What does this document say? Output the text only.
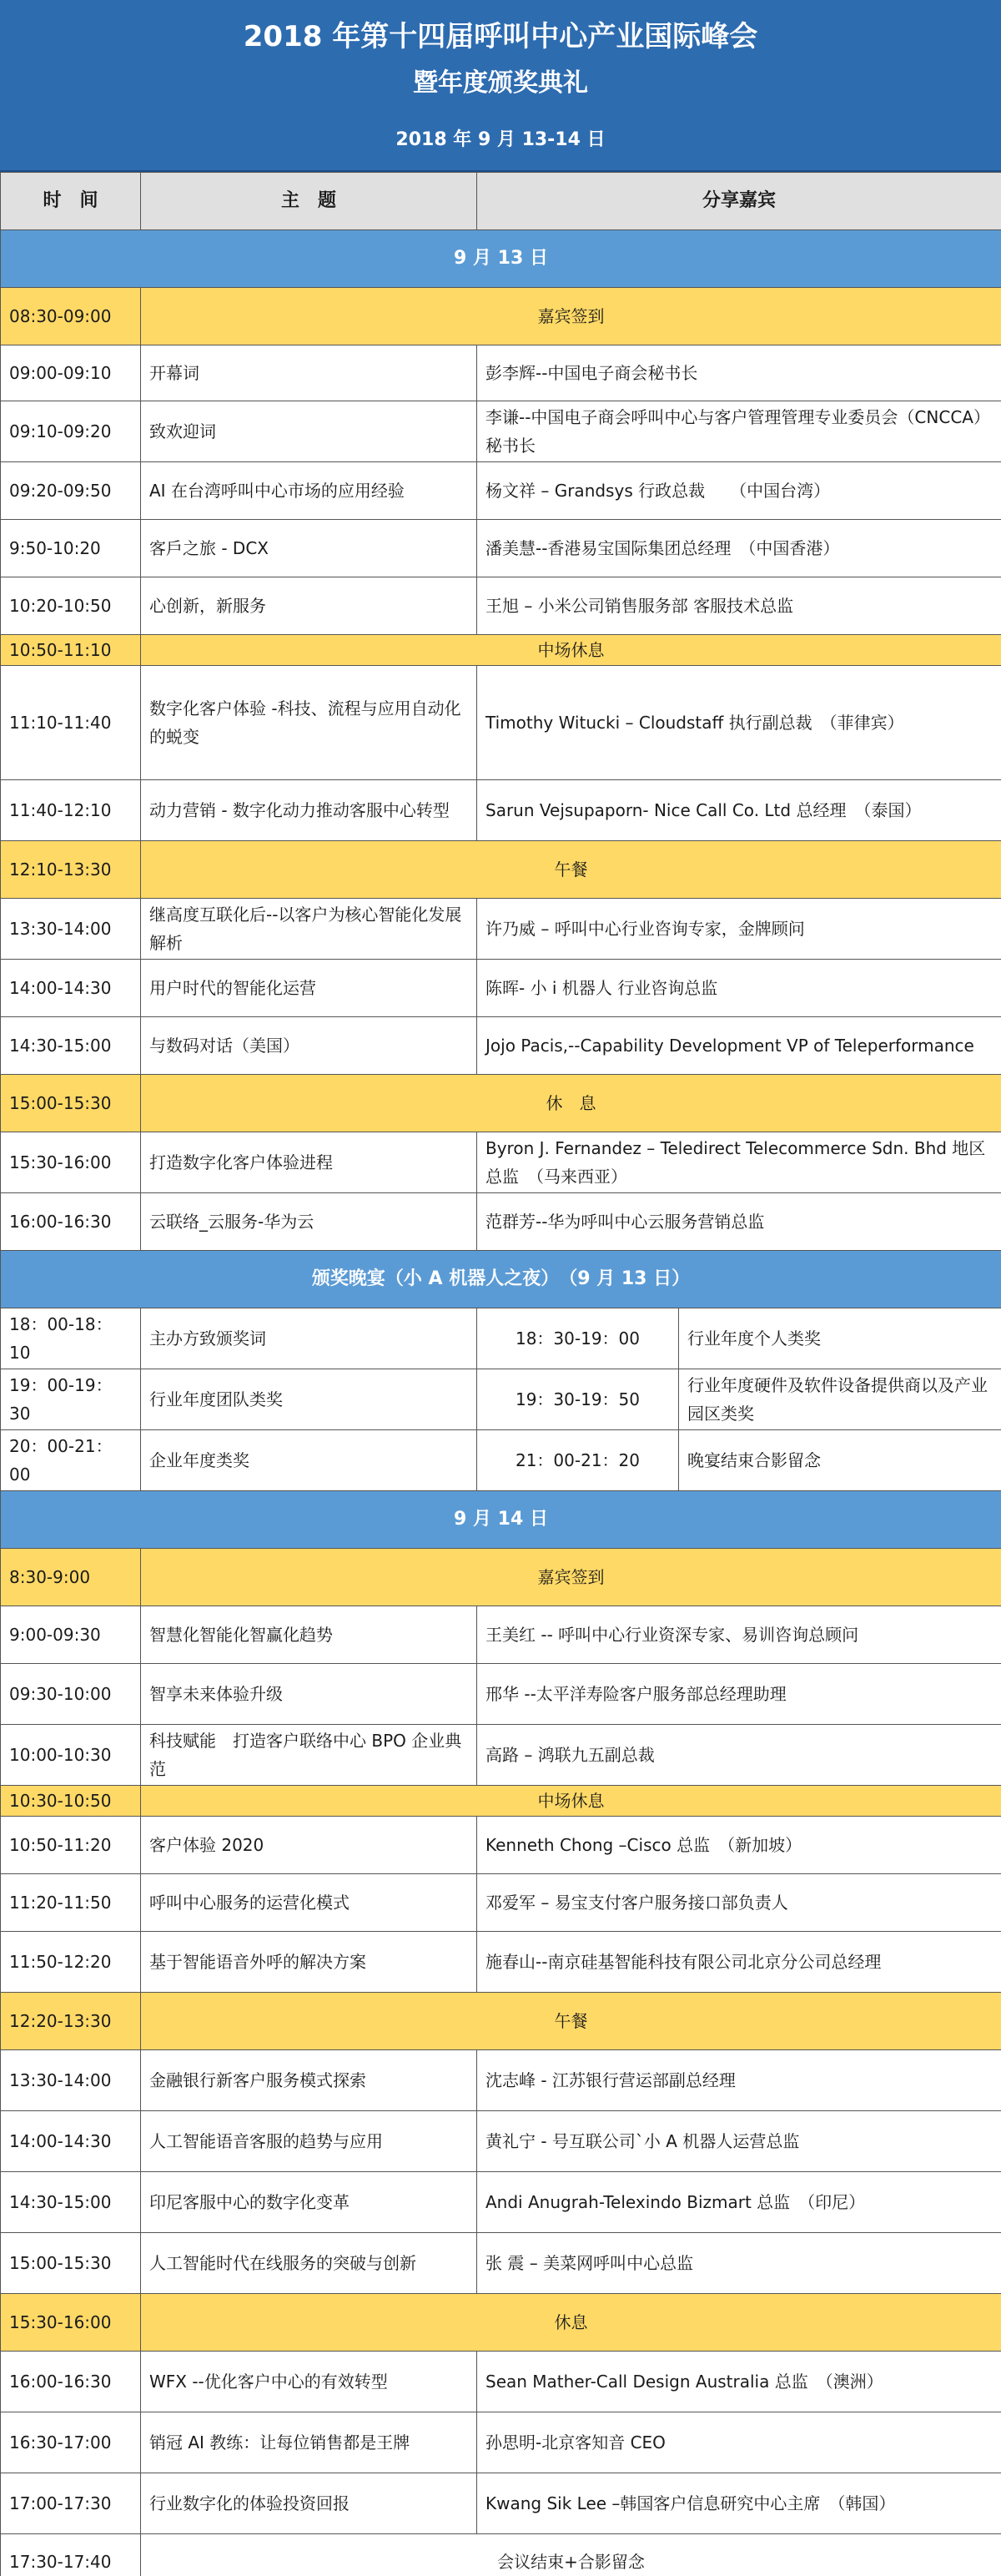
2018 年第十四届呼叫中心产业国际峰会
暨年度颁奖典礼
2018 年 9 月 13-14 日
时　间	主　题	分享嘉宾	
9 月 13 日			
08:30-09:00	嘉宾签到		
09:00-09:10	开幕词	彭李辉--中国电子商会秘书长	
09:10-09:20	致欢迎词	李谦--中国电子商会呼叫中心与客户管理管理专业委员会（CNCCA）秘书长	
09:20-09:50	AI 在台湾呼叫中心市场的应用经验	杨文祥 – Grandsys 行政总裁　　（中国台湾）	
9:50-10:20	客戶之旅 - DCX	潘美慧--香港易宝国际集团总经理　（中国香港）	
10:20-10:50	心创新，新服务	王旭 – 小米公司销售服务部 客服技术总监	
10:50-11:10	中场休息		
11:10-11:40	数字化客户体验 -科技、流程与应用自动化的蜕变	Timothy Witucki – Cloudstaff 执行副总裁　（菲律宾）	
11:40-12:10	动力营销 - 数字化动力推动客服中心转型	Sarun Vejsupaporn- Nice Call Co. Ltd 总经理　（泰国）	
12:10-13:30	午餐		
13:30-14:00	继高度互联化后--以客户为核心智能化发展解析	许乃威 – 呼叫中心行业咨询专家，金牌顾问	
14:00-14:30	用户时代的智能化运营	陈晖- 小 i 机器人 行业咨询总监	
14:30-15:00	与数码对话（美国）	Jojo Pacis,--Capability Development VP of Teleperformance	
15:00-15:30	休　息		
15:30-16:00	打造数字化客户体验进程	Byron J. Fernandez – Teledirect Telecommerce Sdn. Bhd 地区总监　（马来西亚）	
16:00-16:30	云联络_云服务-华为云	范群芳--华为呼叫中心云服务营销总监	
颁奖晚宴（小 A 机器人之夜）　（9 月 13 日）			
18：00-18：10	主办方致颁奖词	18：30-19：00	行业年度个人类奖
19：00-19：30	行业年度团队类奖	19：30-19：50	行业年度硬件及软件设备提供商以及产业园区类奖
20：00-21：00	企业年度类奖	21：00-21：20	晚宴结束合影留念
9 月 14 日			
8:30-9:00	嘉宾签到		
9:00-09:30	智慧化智能化智赢化趋势	王美红 -- 呼叫中心行业资深专家、易训咨询总顾问	
09:30-10:00	智享未来体验升级	邢华 --太平洋寿险客户服务部总经理助理	
10:00-10:30	科技赋能　打造客户联络中心 BPO 企业典范	高路 – 鸿联九五副总裁	
10:30-10:50	中场休息		
10:50-11:20	客户体验 2020	Kenneth Chong –Cisco 总监　（新加坡）	
11:20-11:50	呼叫中心服务的运营化模式	邓爱军 – 易宝支付客户服务接口部负责人	
11:50-12:20	基于智能语音外呼的解决方案	施春山--南京硅基智能科技有限公司北京分公司总经理	
12:20-13:30	午餐		
13:30-14:00	金融银行新客户服务模式探索	沈志峰 - 江苏银行营运部副总经理	
14:00-14:30	人工智能语音客服的趋势与应用	黄礼宁 - 号互联公司`小 A 机器人运营总监	
14:30-15:00	印尼客服中心的数字化变革	Andi Anugrah-Telexindo Bizmart 总监　（印尼）	
15:00-15:30	人工智能时代在线服务的突破与创新	张 震 – 美菜网呼叫中心总监	
15:30-16:00	休息		
16:00-16:30	WFX --优化客户中心的有效转型	Sean Mather-Call Design Australia 总监　（澳洲）	
16:30-17:00	销冠 AI 教练：让每位销售都是王牌	孙思明-北京客知音 CEO	
17:00-17:30	行业数字化的体验投资回报	Kwang Sik Lee –韩国客户信息研究中心主席　（韩国）	
17:30-17:40	会议结束+合影留念		
